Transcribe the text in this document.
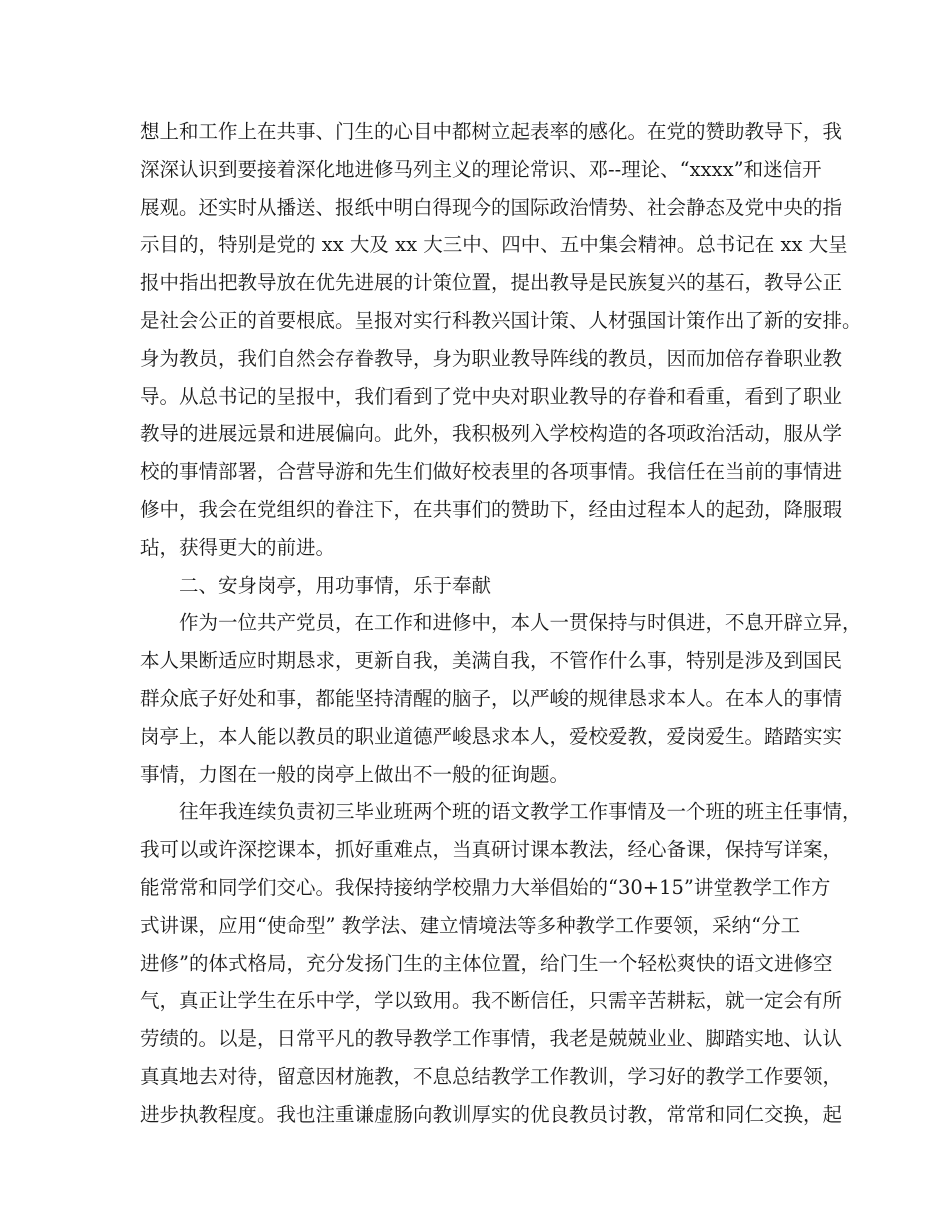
想上和工作上在共事、门生的心目中都树立起表率的感化。在党的赞助教导下，我
深深认识到要接着深化地进修马列主义的理论常识、邓--理论、“xxxx”和迷信开
展观。还实时从播送、报纸中明白得现今的国际政治情势、社会静态及党中央的指
示目的，特别是党的 xx 大及 xx 大三中、四中、五中集会精神。总书记在 xx 大呈
报中指出把教导放在优先进展的计策位置，提出教导是民族复兴的基石，教导公正
是社会公正的首要根底。呈报对实行科教兴国计策、人材强国计策作出了新的安排。
身为教员，我们自然会存眷教导，身为职业教导阵线的教员，因而加倍存眷职业教
导。从总书记的呈报中，我们看到了党中央对职业教导的存眷和看重，看到了职业
教导的进展远景和进展偏向。此外，我积极列入学校构造的各项政治活动，服从学
校的事情部署，合营导游和先生们做好校表里的各项事情。我信任在当前的事情进
修中，我会在党组织的眷注下，在共事们的赞助下，经由过程本人的起劲，降服瑕
玷，获得更大的前进。
二、安身岗亭，用功事情，乐于奉献
作为一位共产党员，在工作和进修中，本人一贯保持与时俱进，不息开辟立异，
本人果断适应时期恳求，更新自我，美满自我，不管作什么事，特别是涉及到国民
群众底子好处和事，都能坚持清醒的脑子，以严峻的规律恳求本人。在本人的事情
岗亭上，本人能以教员的职业道德严峻恳求本人，爱校爱教，爱岗爱生。踏踏实实
事情，力图在一般的岗亭上做出不一般的征询题。
往年我连续负责初三毕业班两个班的语文教学工作事情及一个班的班主任事情，
我可以或许深挖课本，抓好重难点，当真研讨课本教法，经心备课，保持写详案，
能常常和同学们交心。我保持接纳学校鼎力大举倡始的“30+15”讲堂教学工作方
式讲课，应用“使命型” 教学法、建立情境法等多种教学工作要领，采纳“分工
进修”的体式格局，充分发扬门生的主体位置，给门生一个轻松爽快的语文进修空
气，真正让学生在乐中学，学以致用。我不断信任，只需辛苦耕耘，就一定会有所
劳绩的。以是，日常平凡的教导教学工作事情，我老是兢兢业业、脚踏实地、认认
真真地去对待，留意因材施教，不息总结教学工作教训，学习好的教学工作要领，
进步执教程度。我也注重谦虚肠向教训厚实的优良教员讨教，常常和同仁交换，起
